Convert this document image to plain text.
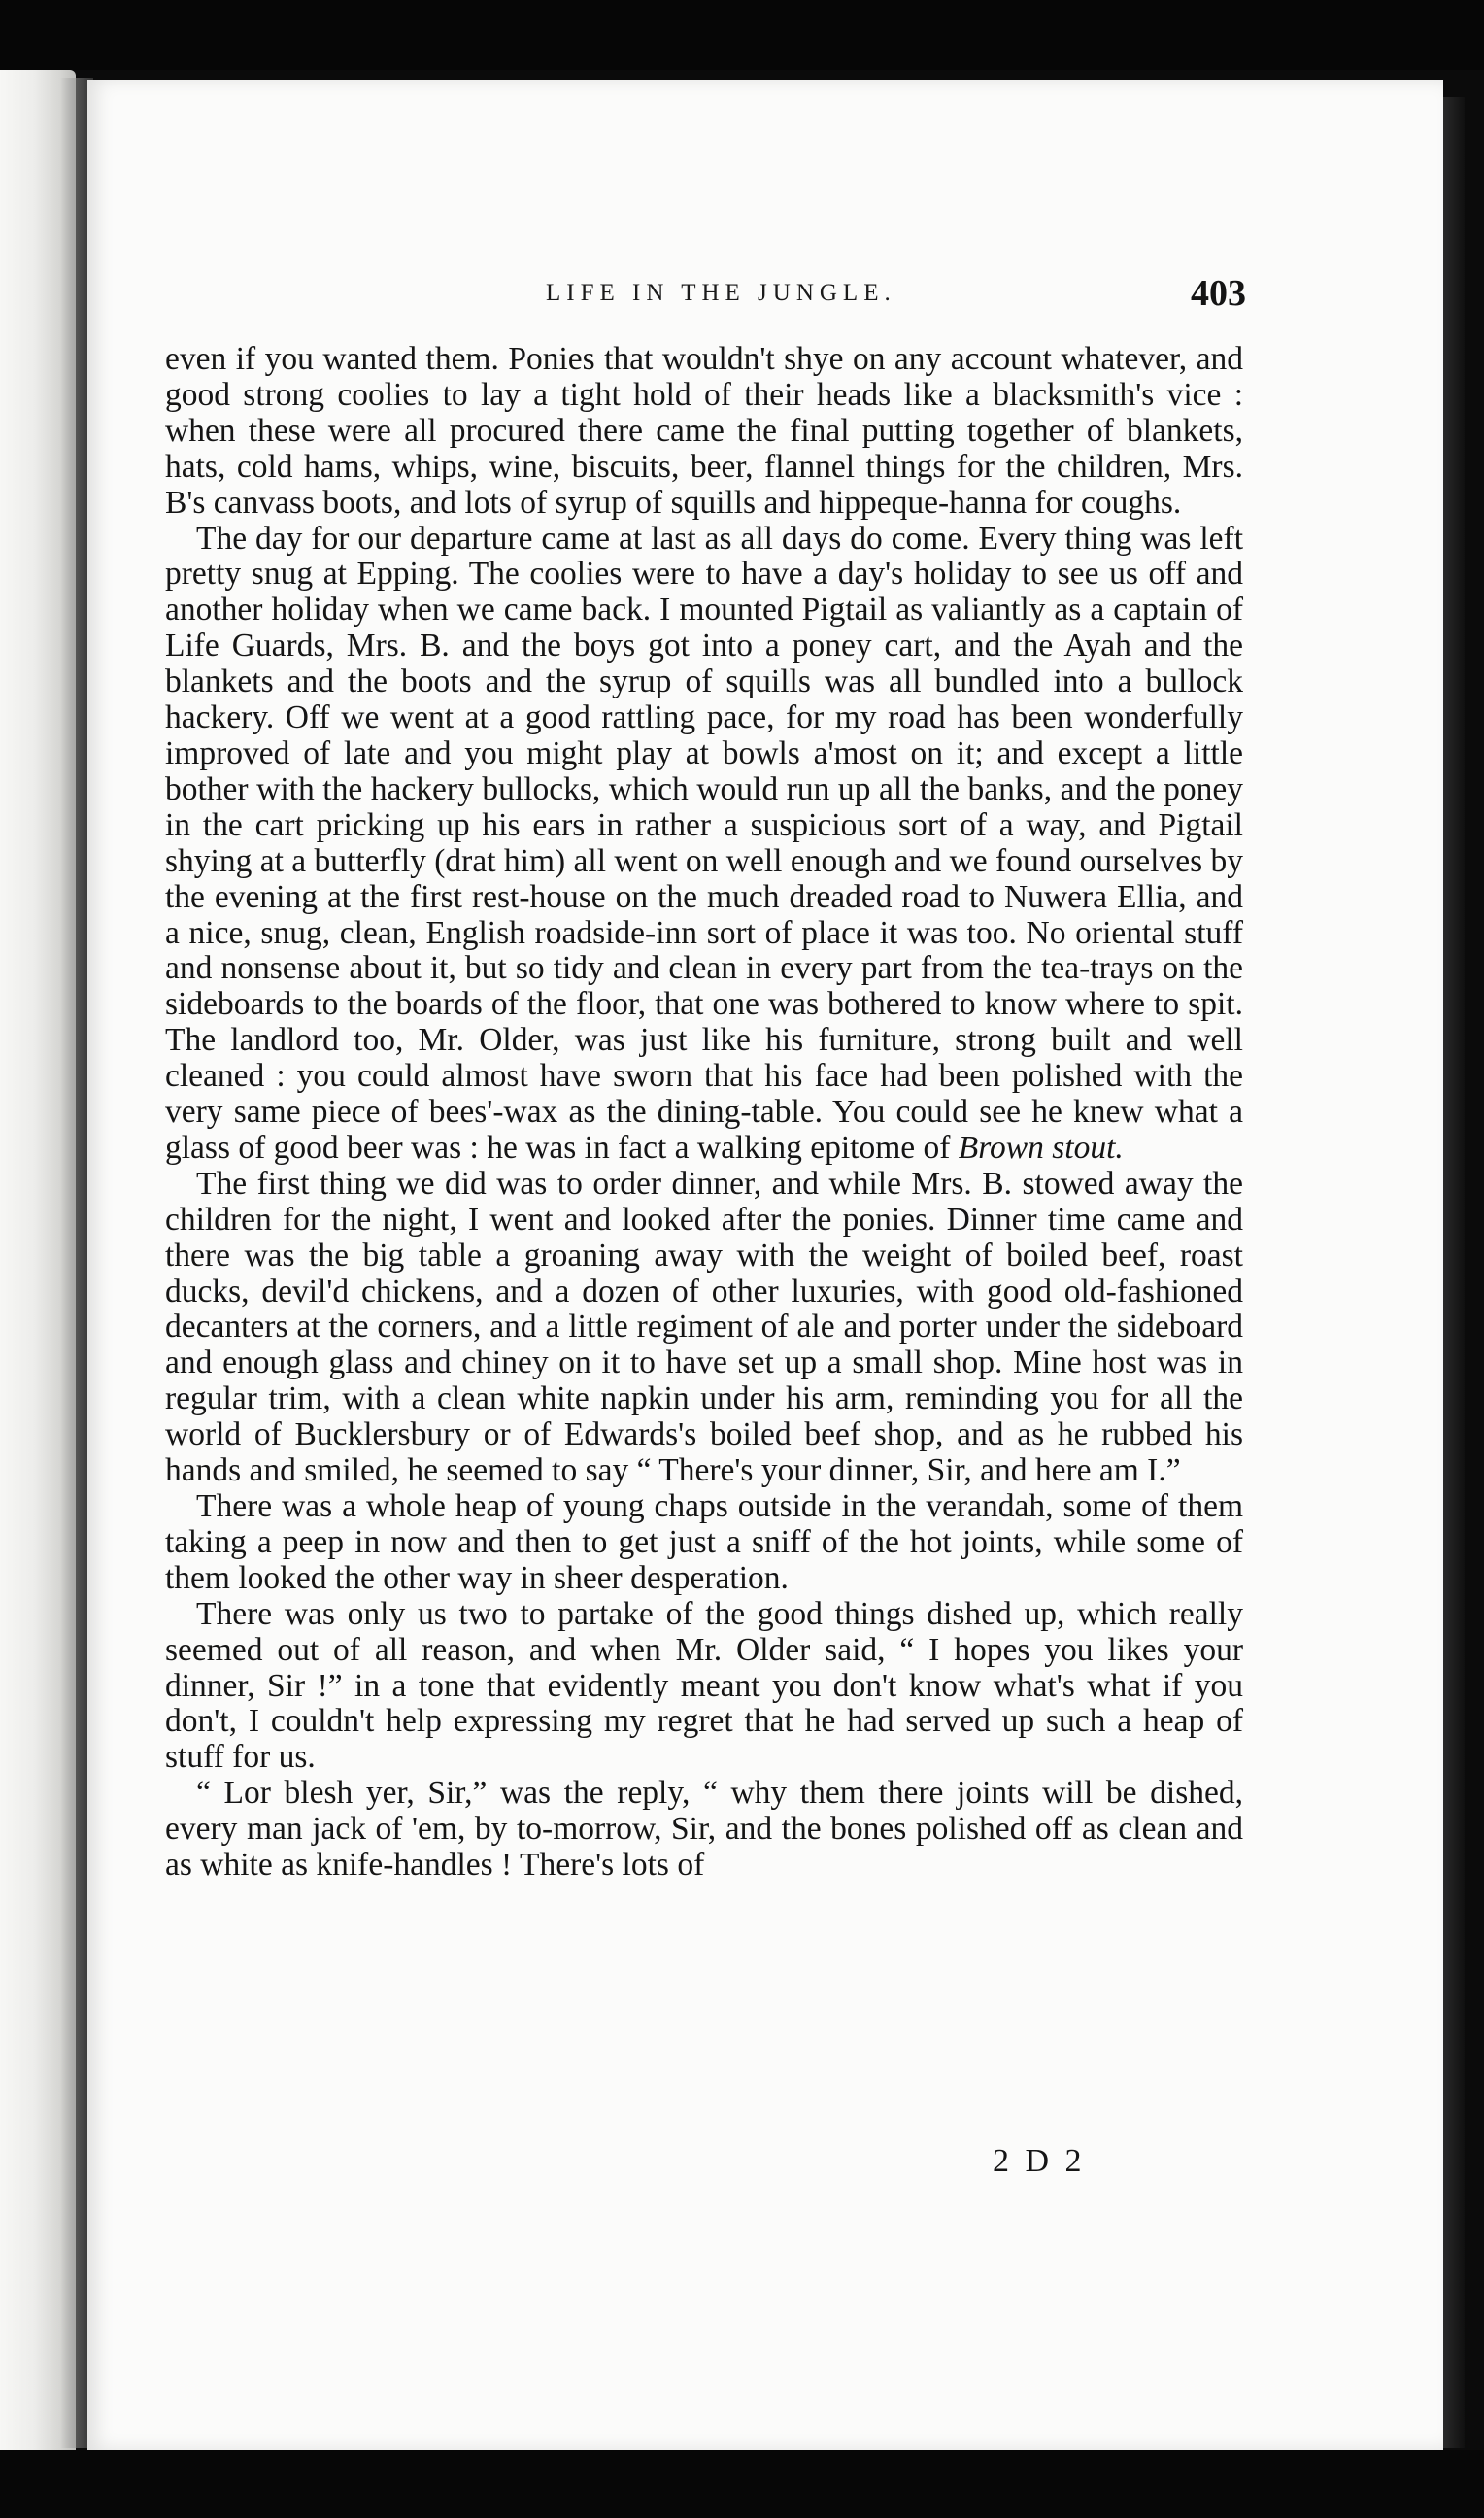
LIFE IN THE JUNGLE.	403

even if you wanted them. Ponies that wouldn't shye on any account whatever, and good strong coolies to lay a tight hold of their heads like a blacksmith's vice : when these were all procured there came the final putting together of blankets, hats, cold hams, whips, wine, biscuits, beer, flannel things for the children, Mrs. B's canvass boots, and lots of syrup of squills and hippeque-hanna for coughs.

The day for our departure came at last as all days do come. Every thing was left pretty snug at Epping. The coolies were to have a day's holiday to see us off and another holiday when we came back. I mounted Pigtail as valiantly as a captain of Life Guards, Mrs. B. and the boys got into a poney cart, and the Ayah and the blankets and the boots and the syrup of squills was all bundled into a bullock hackery. Off we went at a good rattling pace, for my road has been wonderfully improved of late and you might play at bowls a'most on it; and except a little bother with the hackery bullocks, which would run up all the banks, and the poney in the cart pricking up his ears in rather a suspicious sort of a way, and Pigtail shying at a butterfly (drat him) all went on well enough and we found ourselves by the evening at the first rest-house on the much dreaded road to Nuwera Ellia, and a nice, snug, clean, English roadside-inn sort of place it was too. No oriental stuff and nonsense about it, but so tidy and clean in every part from the tea-trays on the sideboards to the boards of the floor, that one was bothered to know where to spit. The landlord too, Mr. Older, was just like his furniture, strong built and well cleaned : you could almost have sworn that his face had been polished with the very same piece of bees'-wax as the dining-table. You could see he knew what a glass of good beer was : he was in fact a walking epitome of Brown stout.

The first thing we did was to order dinner, and while Mrs. B. stowed away the children for the night, I went and looked after the ponies. Dinner time came and there was the big table a groaning away with the weight of boiled beef, roast ducks, devil'd chickens, and a dozen of other luxuries, with good old-fashioned decanters at the corners, and a little regiment of ale and porter under the sideboard and enough glass and chiney on it to have set up a small shop. Mine host was in regular trim, with a clean white napkin under his arm, reminding you for all the world of Bucklersbury or of Edwards's boiled beef shop, and as he rubbed his hands and smiled, he seemed to say “ There's your dinner, Sir, and here am I.”

There was a whole heap of young chaps outside in the verandah, some of them taking a peep in now and then to get just a sniff of the hot joints, while some of them looked the other way in sheer desperation.

There was only us two to partake of the good things dished up, which really seemed out of all reason, and when Mr. Older said, “ I hopes you likes your dinner, Sir !” in a tone that evidently meant you don't know what's what if you don't, I couldn't help expressing my regret that he had served up such a heap of stuff for us.

“ Lor blesh yer, Sir,” was the reply, “ why them there joints will be dished, every man jack of 'em, by to-morrow, Sir, and the bones polished off as clean and as white as knife-handles ! There's lots of

2 D 2
